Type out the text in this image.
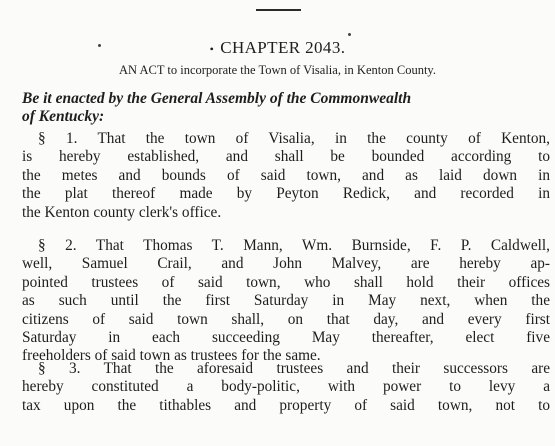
• CHAPTER 2043.
AN ACT to incorporate the Town of Visalia, in Kenton County.
Be it enacted by the General Assembly of the Commonwealth
of Kentucky:
§ 1. That the town of Visalia, in the county of Kenton,
is hereby established, and shall be bounded according to
the metes and bounds of said town, and as laid down in
the plat thereof made by Peyton Redick, and recorded in
the Kenton county clerk's office.
§ 2. That Thomas T. Mann, Wm. Burnside, F. P. Caldwell,
well, Samuel Crail, and John Malvey, are hereby ap-
pointed trustees of said town, who shall hold their offices
as such until the first Saturday in May next, when the
citizens of said town shall, on that day, and every first
Saturday in each succeeding May thereafter, elect five
freeholders of said town as trustees for the same.
§ 3. That the aforesaid trustees and their successors are
hereby constituted a body-politic, with power to levy a
tax upon the tithables and property of said town, not to
